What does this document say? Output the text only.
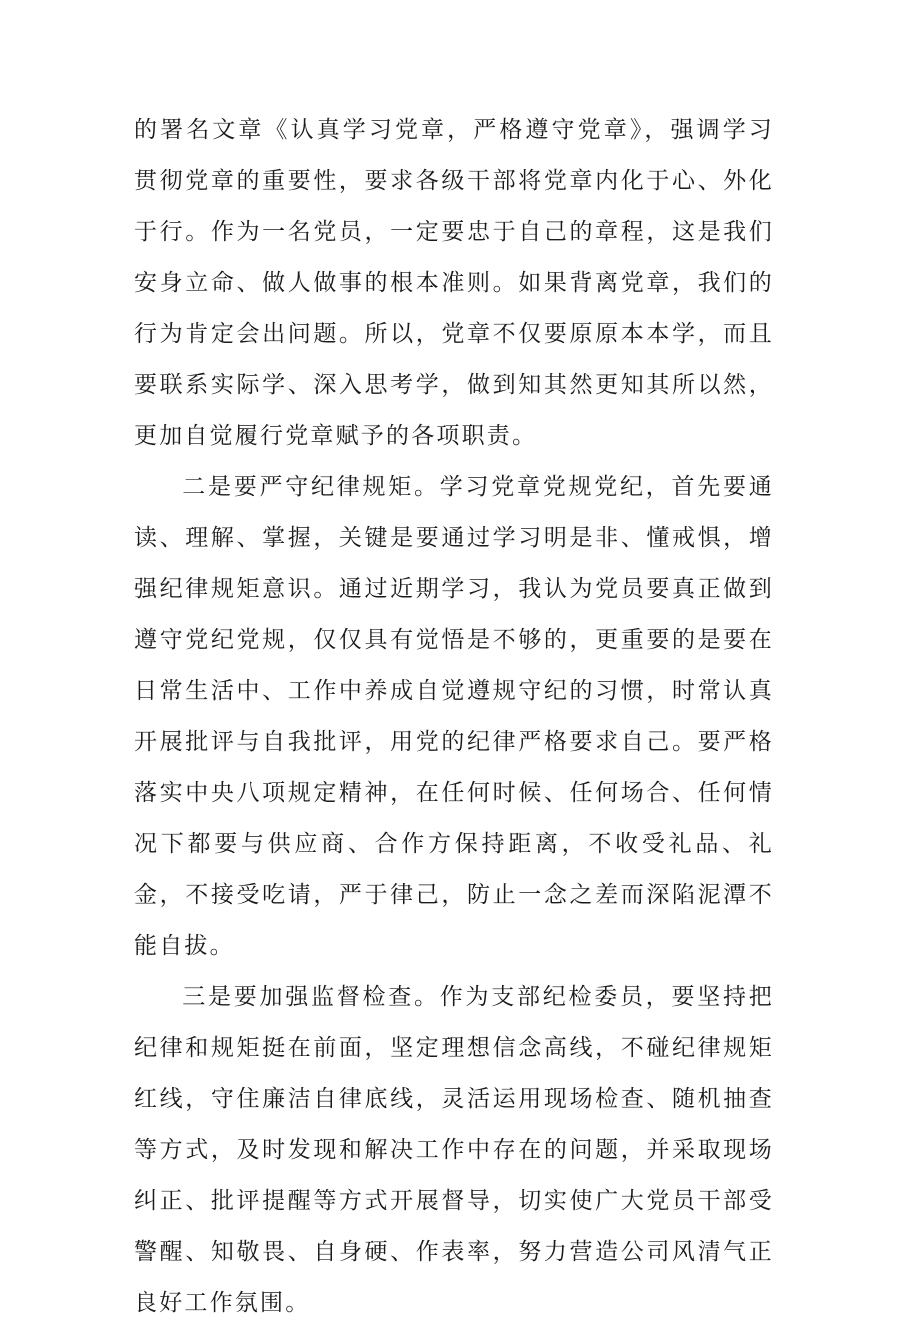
的署名文章《认真学习党章，严格遵守党章》，强调学习贯彻党章的重要性，要求各级干部将党章内化于心、外化于行。作为一名党员，一定要忠于自己的章程，这是我们安身立命、做人做事的根本准则。如果背离党章，我们的行为肯定会出问题。所以，党章不仅要原原本本学，而且要联系实际学、深入思考学，做到知其然更知其所以然，更加自觉履行党章赋予的各项职责。

二是要严守纪律规矩。学习党章党规党纪，首先要通读、理解、掌握，关键是要通过学习明是非、懂戒惧，增强纪律规矩意识。通过近期学习，我认为党员要真正做到遵守党纪党规，仅仅具有觉悟是不够的，更重要的是要在日常生活中、工作中养成自觉遵规守纪的习惯，时常认真开展批评与自我批评，用党的纪律严格要求自己。要严格落实中央八项规定精神，在任何时候、任何场合、任何情况下都要与供应商、合作方保持距离，不收受礼品、礼金，不接受吃请，严于律己，防止一念之差而深陷泥潭不能自拔。

三是要加强监督检查。作为支部纪检委员，要坚持把纪律和规矩挺在前面，坚定理想信念高线，不碰纪律规矩红线，守住廉洁自律底线，灵活运用现场检查、随机抽查等方式，及时发现和解决工作中存在的问题，并采取现场纠正、批评提醒等方式开展督导，切实使广大党员干部受警醒、知敬畏、自身硬、作表率，努力营造公司风清气正良好工作氛围。
